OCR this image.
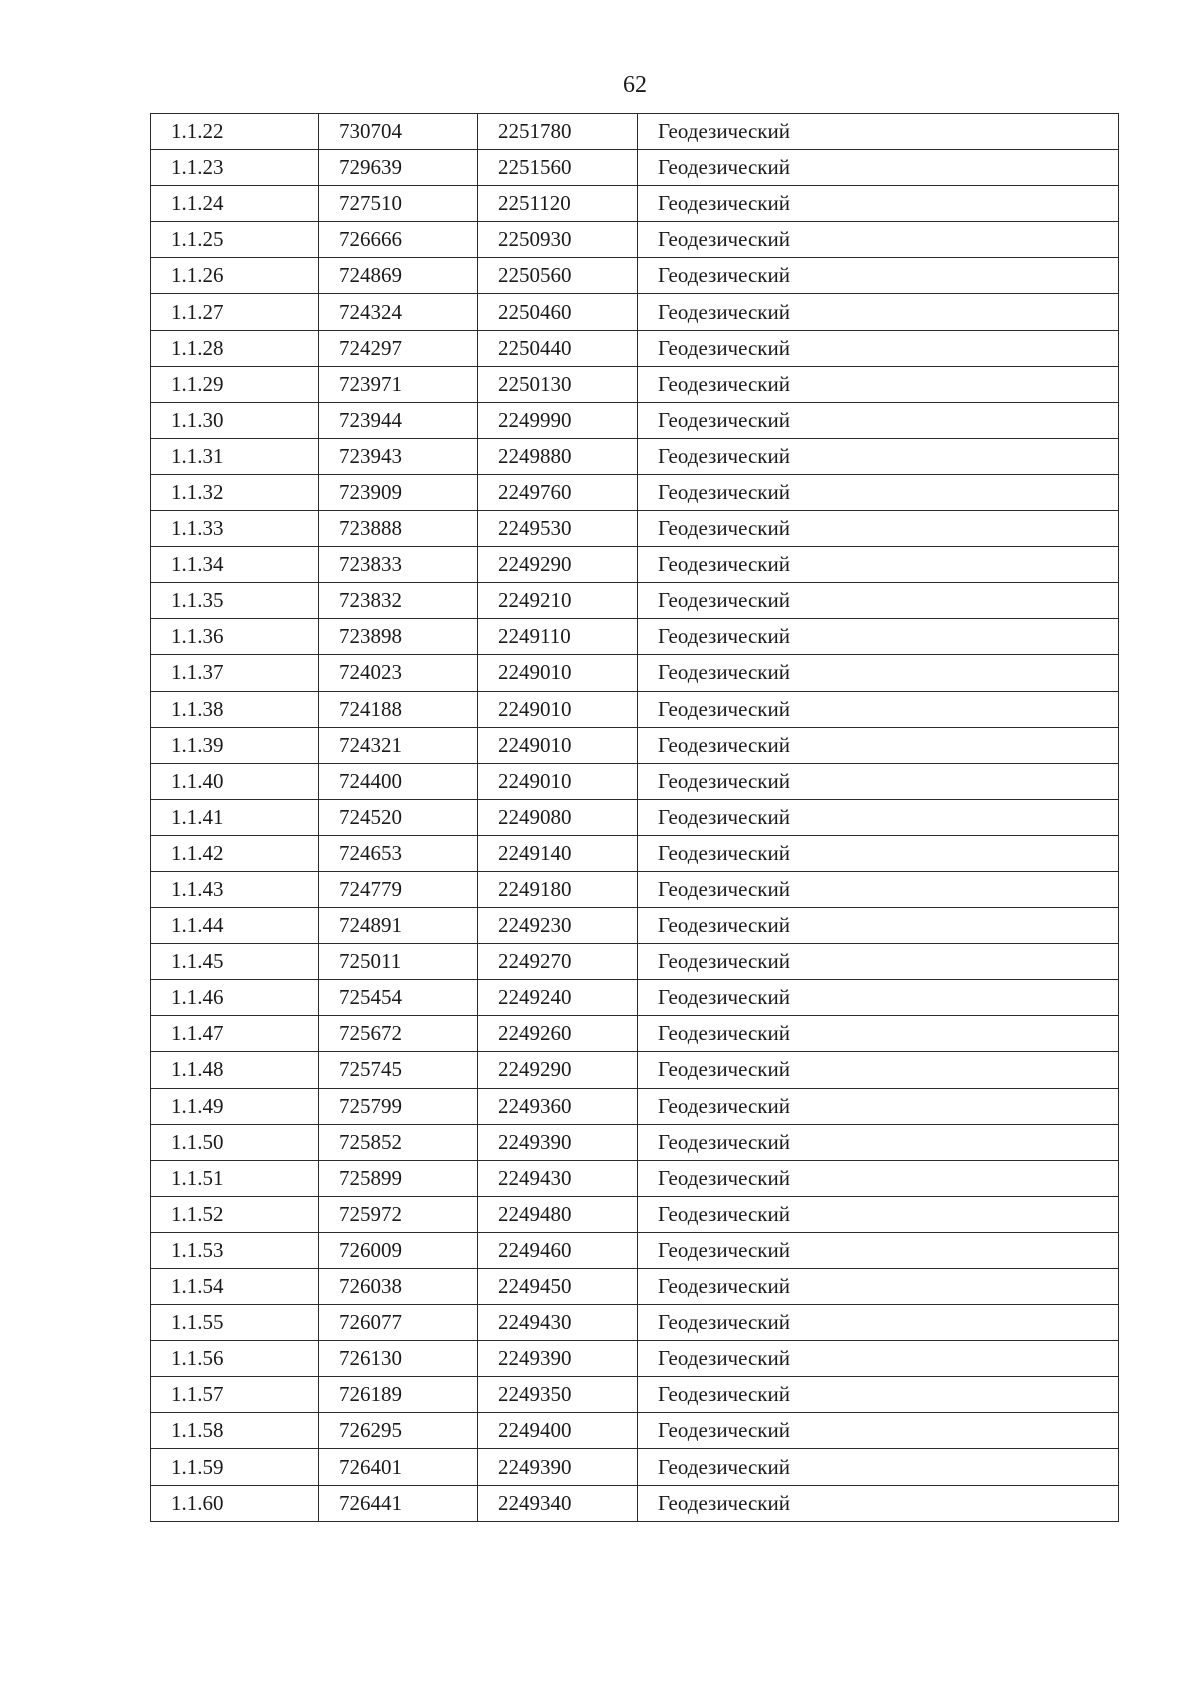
62
1.1.22	730704	2251780	Геодезический
1.1.23	729639	2251560	Геодезический
1.1.24	727510	2251120	Геодезический
1.1.25	726666	2250930	Геодезический
1.1.26	724869	2250560	Геодезический
1.1.27	724324	2250460	Геодезический
1.1.28	724297	2250440	Геодезический
1.1.29	723971	2250130	Геодезический
1.1.30	723944	2249990	Геодезический
1.1.31	723943	2249880	Геодезический
1.1.32	723909	2249760	Геодезический
1.1.33	723888	2249530	Геодезический
1.1.34	723833	2249290	Геодезический
1.1.35	723832	2249210	Геодезический
1.1.36	723898	2249110	Геодезический
1.1.37	724023	2249010	Геодезический
1.1.38	724188	2249010	Геодезический
1.1.39	724321	2249010	Геодезический
1.1.40	724400	2249010	Геодезический
1.1.41	724520	2249080	Геодезический
1.1.42	724653	2249140	Геодезический
1.1.43	724779	2249180	Геодезический
1.1.44	724891	2249230	Геодезический
1.1.45	725011	2249270	Геодезический
1.1.46	725454	2249240	Геодезический
1.1.47	725672	2249260	Геодезический
1.1.48	725745	2249290	Геодезический
1.1.49	725799	2249360	Геодезический
1.1.50	725852	2249390	Геодезический
1.1.51	725899	2249430	Геодезический
1.1.52	725972	2249480	Геодезический
1.1.53	726009	2249460	Геодезический
1.1.54	726038	2249450	Геодезический
1.1.55	726077	2249430	Геодезический
1.1.56	726130	2249390	Геодезический
1.1.57	726189	2249350	Геодезический
1.1.58	726295	2249400	Геодезический
1.1.59	726401	2249390	Геодезический
1.1.60	726441	2249340	Геодезический
